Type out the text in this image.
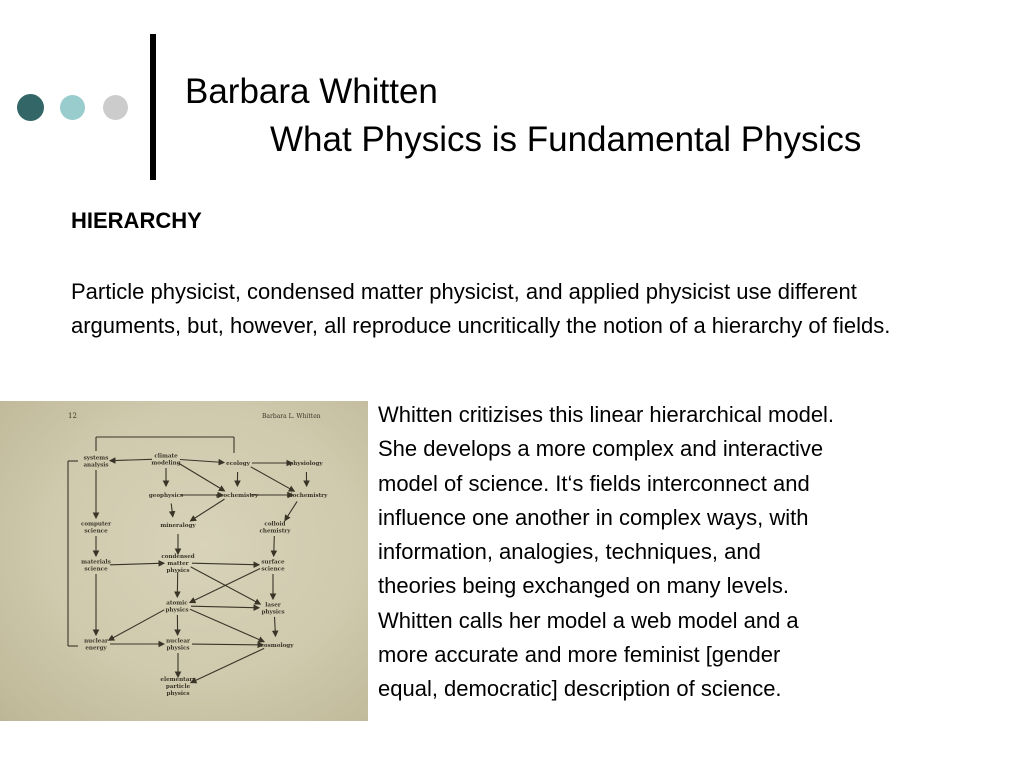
Barbara Whitten
What Physics is Fundamental Physics
HIERARCHY
Particle physicist, condensed matter physicist, and applied physicist use different arguments, but, however, all reproduce uncritically the notion of a hierarchy of fields.
12	Barbara L. Whitten
systems analysis
climate modeling	ecology	physiology
geophysics	geochemistry	biochemistry
computer science
mineralogy	colloid chemistry
materials science
condensed matter physics
surface science
atomic physics
laser physics
nuclear energy
nuclear physics	cosmology
elementary particle physics
Whitten critizises this linear hierarchical model.
She develops a more complex and interactive
model of science. It‘s fields interconnect and
influence one another in complex ways, with
information, analogies, techniques, and
theories being exchanged on many levels.
Whitten calls her model a web model and a
more accurate and more feminist [gender
equal, democratic] description of science.
